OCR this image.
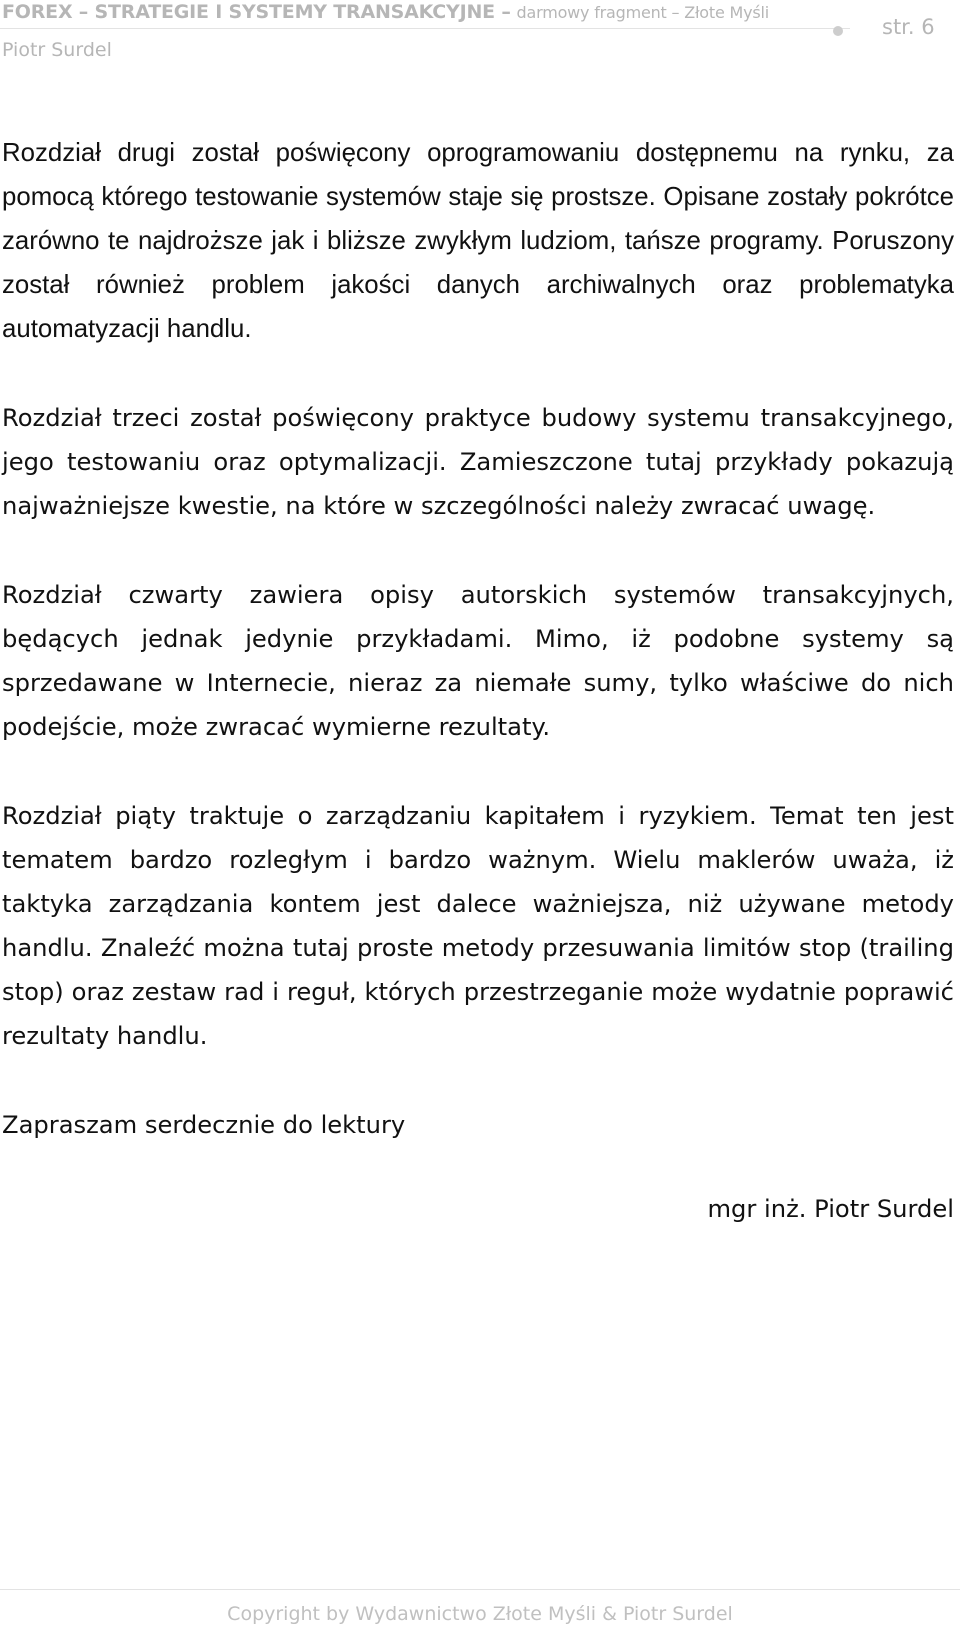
FOREX – STRATEGIE I SYSTEMY TRANSAKCYJNE – darmowy fragment – Złote Myśli
Piotr Surdel
str. 6

Rozdział drugi został poświęcony oprogramowaniu dostępnemu na rynku, za pomocą którego testowanie systemów staje się prostsze. Opisane zostały pokrótce zarówno te najdroższe jak i bliższe zwykłym ludziom, tańsze programy. Poruszony został również problem jakości danych archiwalnych oraz problematyka automatyzacji handlu.

Rozdział trzeci został poświęcony praktyce budowy systemu transakcyjnego, jego testowaniu oraz optymalizacji. Zamieszczone tutaj przykłady pokazują najważniejsze kwestie, na które w szczególności należy zwracać uwagę.

Rozdział czwarty zawiera opisy autorskich systemów transakcyjnych, będących jednak jedynie przykładami. Mimo, iż podobne systemy są sprzedawane w Internecie, nieraz za niemałe sumy, tylko właściwe do nich podejście, może zwracać wymierne rezultaty.

Rozdział piąty traktuje o zarządzaniu kapitałem i ryzykiem. Temat ten jest tematem bardzo rozległym i bardzo ważnym. Wielu maklerów uważa, iż taktyka zarządzania kontem jest dalece ważniejsza, niż używane metody handlu. Znaleźć można tutaj proste metody przesuwania limitów stop (trailing stop) oraz zestaw rad i reguł, których przestrzeganie może wydatnie poprawić rezultaty handlu.

Zapraszam serdecznie do lektury

mgr inż. Piotr Surdel

Copyright by Wydawnictwo Złote Myśli & Piotr Surdel
